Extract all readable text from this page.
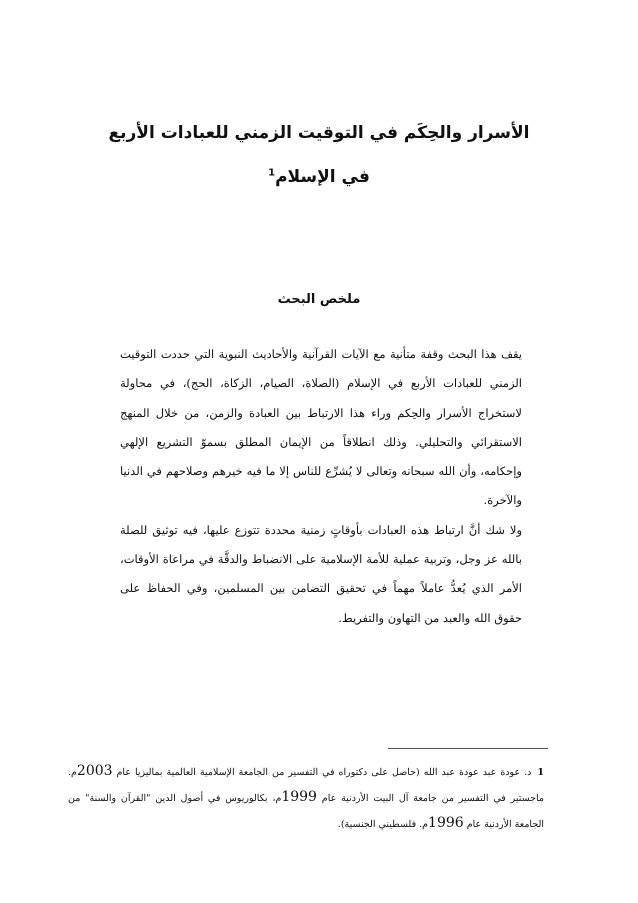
الأسرار والحِكَم في التوقيت الزمني للعبادات الأربع
في الإسلام$^1$
ملخص البحث

يقف هذا البحث وقفة متأنية مع الآيات القرآنية والأحاديث النبوية التي حددت التوقيت الزمني للعبادات الأربع في الإسلام (الصلاة، الصيام، الزكاة، الحج)، في محاولة لاستخراج الأسرار والحِكم وراء هذا الارتباط بين العبادة والزمن، من خلال المنهج الاستقرائي والتحليلي. وذلك انطلاقاً من الإيمان المطلق بسموّ التشريع الإلهي وإحكامه، وأن الله سبحانه وتعالى لا يُشرِّع للناس إلا ما فيه خيرهم وصلاحهم في الدنيا والآخرة.

ولا شك أنَّ ارتباط هذه العبادات بأوقاتٍ زمنية محددة تتوزع عليها، فيه توثيق للصلة بالله عز وجل، وتربية عملية للأمة الإسلامية على الانضباط والدقَّة في مراعاة الأوقات، الأمر الذي يُعدُّ عاملاً مهماً في تحقيق التضامن بين المسلمين، وفي الحفاظ على حقوق الله والعبد من التهاون والتفريط.

1د. عودة عبد عودة عبد الله (حاصل على دكتوراه في التفسير من الجامعة الإسلامية العالمية بماليزيا عام 2003م. ماجستير في التفسير من جامعة آل البيت الأردنية عام 1999م، بكالوريوس في أصول الدين "القرآن والسنة" من الجامعة الأردنية عام 1996م. فلسطيني الجنسية).
